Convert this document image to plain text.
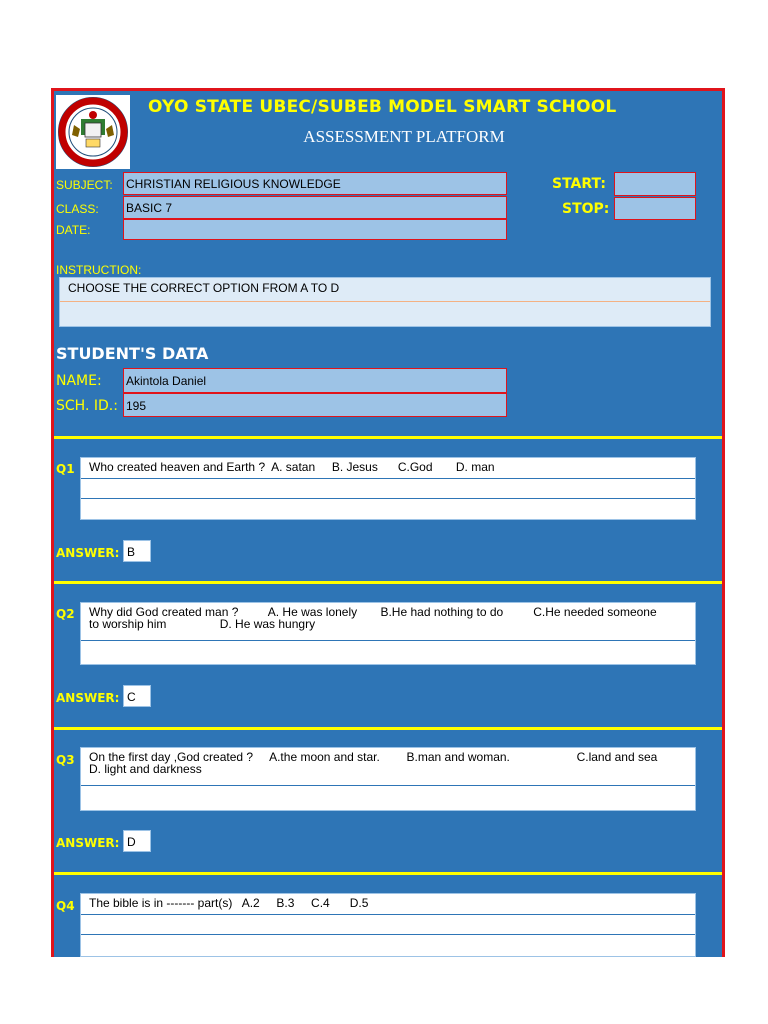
OYO STATE UBEC/SUBEB MODEL SMART SCHOOL
ASSESSMENT PLATFORM
SUBJECT: CHRISTIAN RELIGIOUS KNOWLEDGE
CLASS: BASIC 7
DATE:
START:
STOP:
INSTRUCTION:
CHOOSE THE CORRECT OPTION FROM A TO D
STUDENT'S DATA
NAME: Akintola Daniel
SCH. ID.: 195
Q1	Who created heaven and Earth ?  A. satan     B. Jesus      C.God       D. man
ANSWER: B
Q2	Why did God created man ?         A. He was lonely       B.He had nothing to do         C.He needed someone
to worship him                D. He was hungry
ANSWER: C
Q3	On the first day ,God created ?     A.the moon and star.        B.man and woman.                    C.land and sea
D. light and darkness
ANSWER: D
Q4	The bible is in ------- part(s)   A.2     B.3     C.4      D.5
